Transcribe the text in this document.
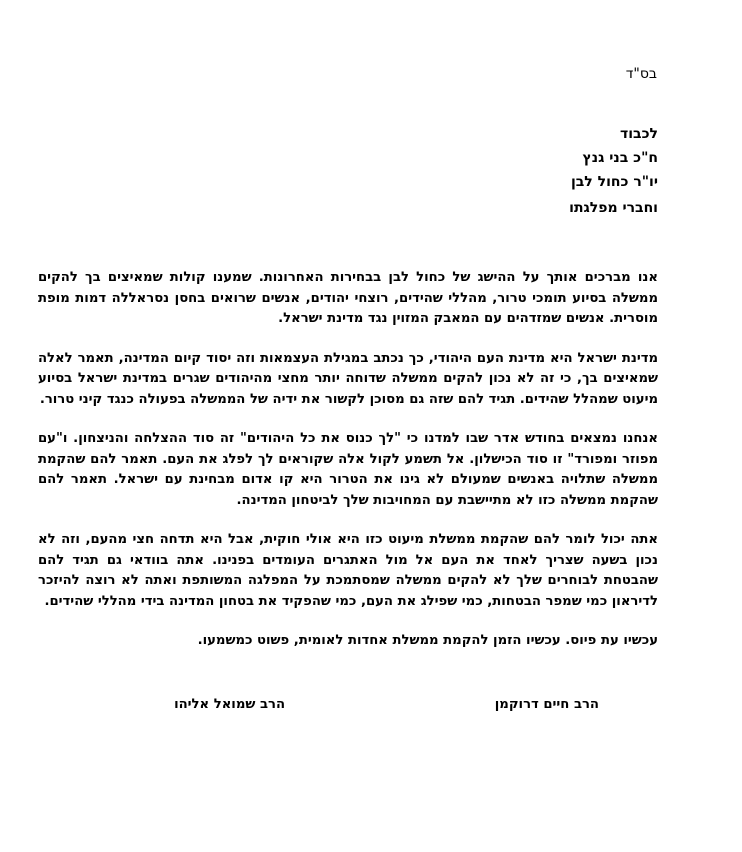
בס"ד
לכבוד
ח"כ בני גנץ
יו"ר כחול לבן
וחברי מפלגתו

אנו מברכים אותך על ההישג של כחול לבן בבחירות האחרונות. שמענו קולות שמאיצים בך להקים ממשלה בסיוע תומכי טרור, מהללי שהידים, רוצחי יהודים, אנשים שרואים בחסן נסראללה דמות מופת מוסרית. אנשים שמזדהים עם המאבק המזוין נגד מדינת ישראל.

מדינת ישראל היא מדינת העם היהודי, כך נכתב במגילת העצמאות וזה יסוד קיום המדינה, תאמר לאלה שמאיצים בך, כי זה לא נכון להקים ממשלה שדוחה יותר מחצי מהיהודים שגרים במדינת ישראל בסיוע מיעוט שמהלל שהידים. תגיד להם שזה גם מסוכן לקשור את ידיה של הממשלה בפעולה כנגד קיני טרור.

אנחנו נמצאים בחודש אדר שבו למדנו כי "לך כנוס את כל היהודים" זה סוד ההצלחה והניצחון. ו"עם מפוזר ומפורד" זו סוד הכישלון. אל תשמע לקול אלה שקוראים לך לפלג את העם. תאמר להם שהקמת ממשלה שתלויה באנשים שמעולם לא גינו את הטרור היא קו אדום מבחינת עם ישראל. תאמר להם שהקמת ממשלה כזו לא מתיישבת עם המחויבות שלך לביטחון המדינה.

אתה יכול לומר להם שהקמת ממשלת מיעוט כזו היא אולי חוקית, אבל היא תדחה חצי מהעם, וזה לא נכון בשעה שצריך לאחד את העם אל מול האתגרים העומדים בפנינו. אתה בוודאי גם תגיד להם שהבטחת לבוחרים שלך לא להקים ממשלה שמסתמכת על המפלגה המשותפת ואתה לא רוצה להיזכר לדיראון כמי שמפר הבטחות, כמי שפילג את העם, כמי שהפקיד את בטחון המדינה בידי מהללי שהידים.

עכשיו עת פיוס. עכשיו הזמן להקמת ממשלת אחדות לאומית, פשוט כמשמעו.

הרב חיים דרוקמן
הרב שמואל אליהו
